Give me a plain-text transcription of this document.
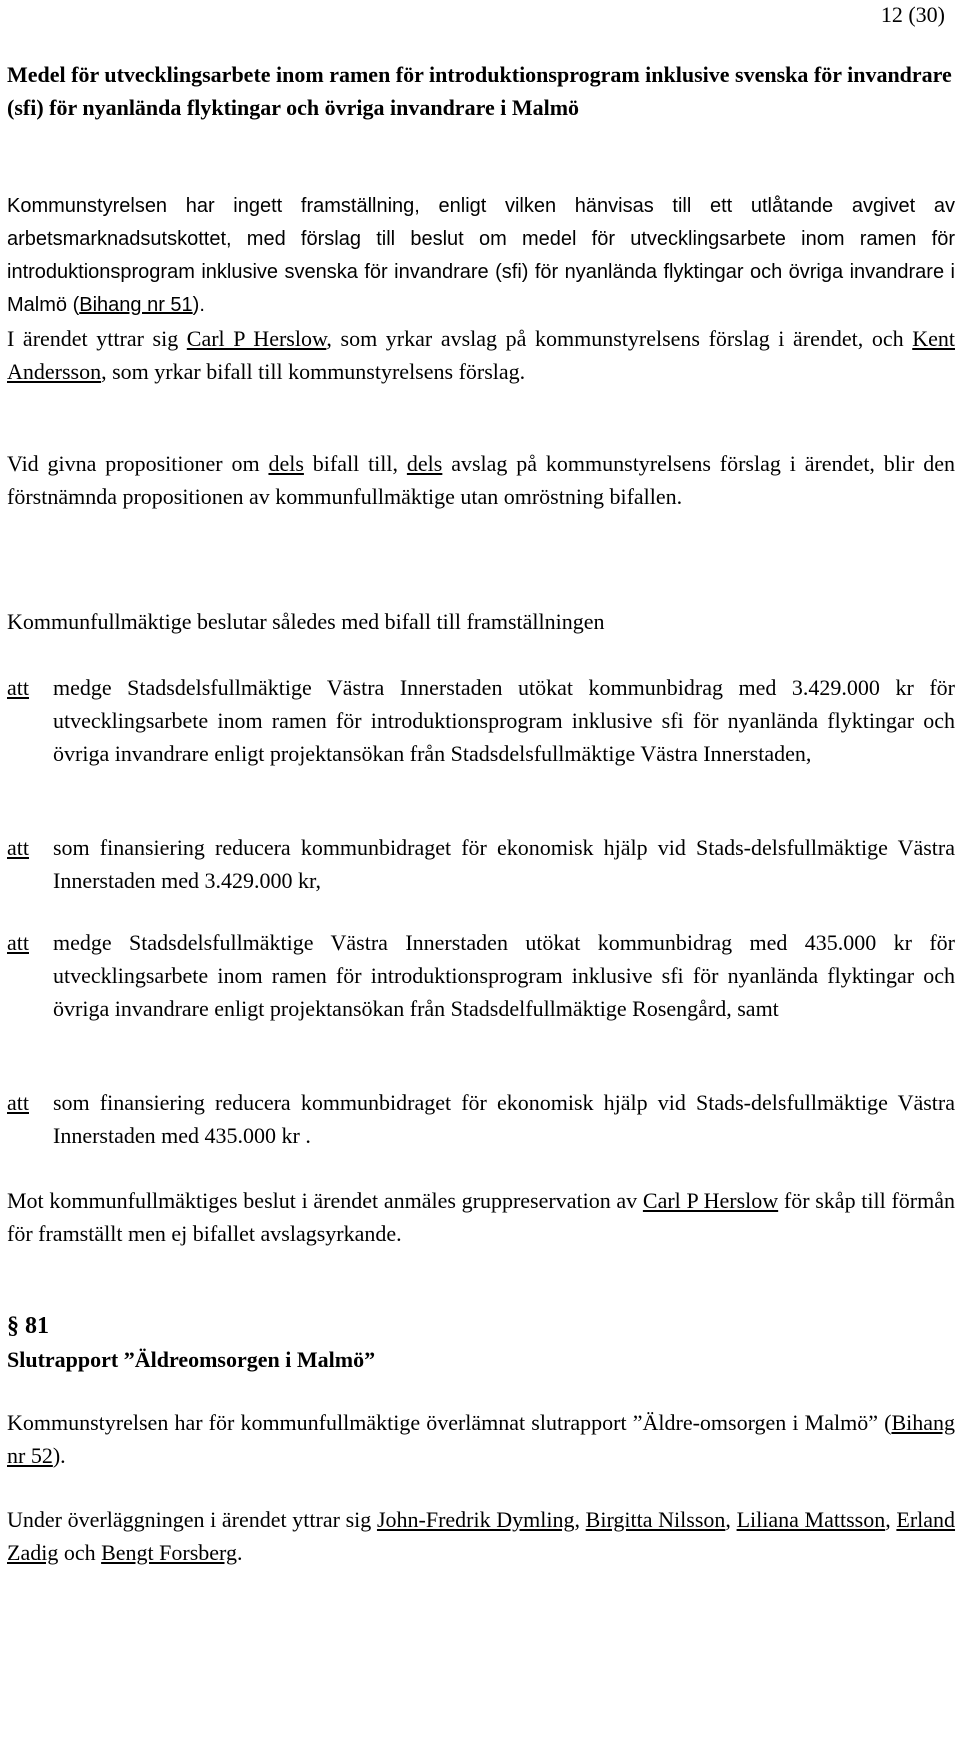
12 (30)

Medel för utvecklingsarbete inom ramen för introduktionsprogram inklusive svenska för invandrare (sfi) för nyanlända flyktingar och övriga invandrare i Malmö

Kommunstyrelsen har ingett framställning, enligt vilken hänvisas till ett utlåtande avgivet av arbetsmarknadsutskottet, med förslag till beslut om medel för utvecklingsarbete inom ramen för introduktionsprogram inklusive svenska för invandrare (sfi) för nyanlända flyktingar och övriga invandrare i Malmö (Bihang nr 51).

I ärendet yttrar sig Carl P Herslow, som yrkar avslag på kommunstyrelsens förslag i ärendet, och Kent Andersson, som yrkar bifall till kommunstyrelsens förslag.

Vid givna propositioner om dels bifall till, dels avslag på kommunstyrelsens förslag i ärendet, blir den förstnämnda propositionen av kommunfullmäktige utan omröstning bifallen.

Kommunfullmäktige beslutar således med bifall till framställningen

att medge Stadsdelsfullmäktige Västra Innerstaden utökat kommunbidrag med 3.429.000 kr för utvecklingsarbete inom ramen för introduktionsprogram inklusive sfi för nyanlända flyktingar och övriga invandrare enligt projektansökan från Stadsdelsfullmäktige Västra Innerstaden,

att som finansiering reducera kommunbidraget för ekonomisk hjälp vid Stads-delsfullmäktige Västra Innerstaden med 3.429.000 kr,

att medge Stadsdelsfullmäktige Västra Innerstaden utökat kommunbidrag med 435.000 kr för utvecklingsarbete inom ramen för introduktionsprogram inklusive sfi för nyanlända flyktingar och övriga invandrare enligt projektansökan från Stadsdelfullmäktige Rosengård, samt

att som finansiering reducera kommunbidraget för ekonomisk hjälp vid Stads-delsfullmäktige Västra Innerstaden med 435.000 kr .

Mot kommunfullmäktiges beslut i ärendet anmäles gruppreservation av Carl P Herslow för skåp till förmån för framställt men ej bifallet avslagsyrkande.

§ 81

Slutrapport ”Äldreomsorgen i Malmö”

Kommunstyrelsen har för kommunfullmäktige överlämnat slutrapport ”Äldre-omsorgen i Malmö” (Bihang nr 52).

Under överläggningen i ärendet yttrar sig John-Fredrik Dymling, Birgitta Nilsson, Liliana Mattsson, Erland Zadig och Bengt Forsberg.
